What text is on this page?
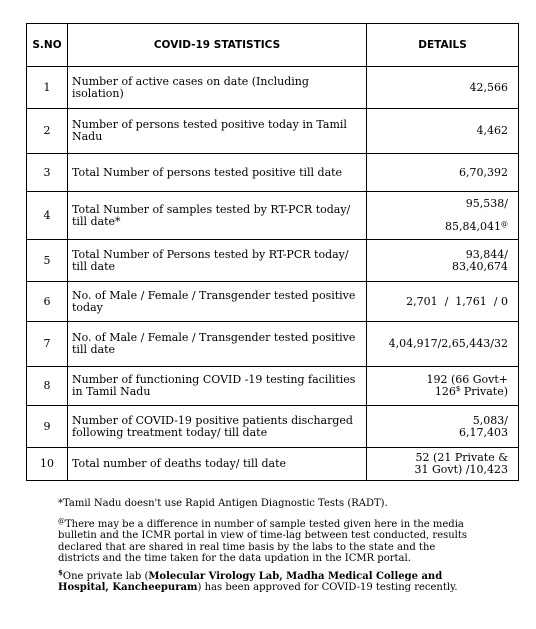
S.NO	COVID-19 STATISTICS	DETAILS
1	Number of active cases on date (Including isolation)	42,566
2	Number of persons tested positive today in Tamil Nadu	4,462
3	Total Number of persons tested positive till date	6,70,392
4	Total Number of samples tested by RT-PCR today/ till date*	95,538/
85,84,041@

5	Total Number of Persons tested by RT-PCR today/ till date	93,844/
83,40,674

6	No. of Male / Female / Transgender tested positive today	2,701  /  1,761  / 0
7	No. of Male / Female / Transgender tested positive till date	4,04,917/2,65,443/32
8	Number of functioning COVID -19 testing facilities in Tamil Nadu	192 (66 Govt+
126$ Private)

9	Number of COVID-19 positive patients discharged following treatment today/ till date	5,083/
6,17,403

10	Total number of deaths today/ till date	52 (21 Private &
31 Govt) /10,423

*Tamil Nadu doesn't use Rapid Antigen Diagnostic Tests (RADT).

@There may be a difference in number of sample tested given here in the media bulletin and the ICMR portal in view of time-lag between test conducted, results declared that are shared in real time basis by the labs to the state and the districts and the time taken for the data updation in the ICMR portal.

$One private lab (Molecular Virology Lab, Madha Medical College and Hospital, Kancheepuram) has been approved for COVID-19 testing recently.
